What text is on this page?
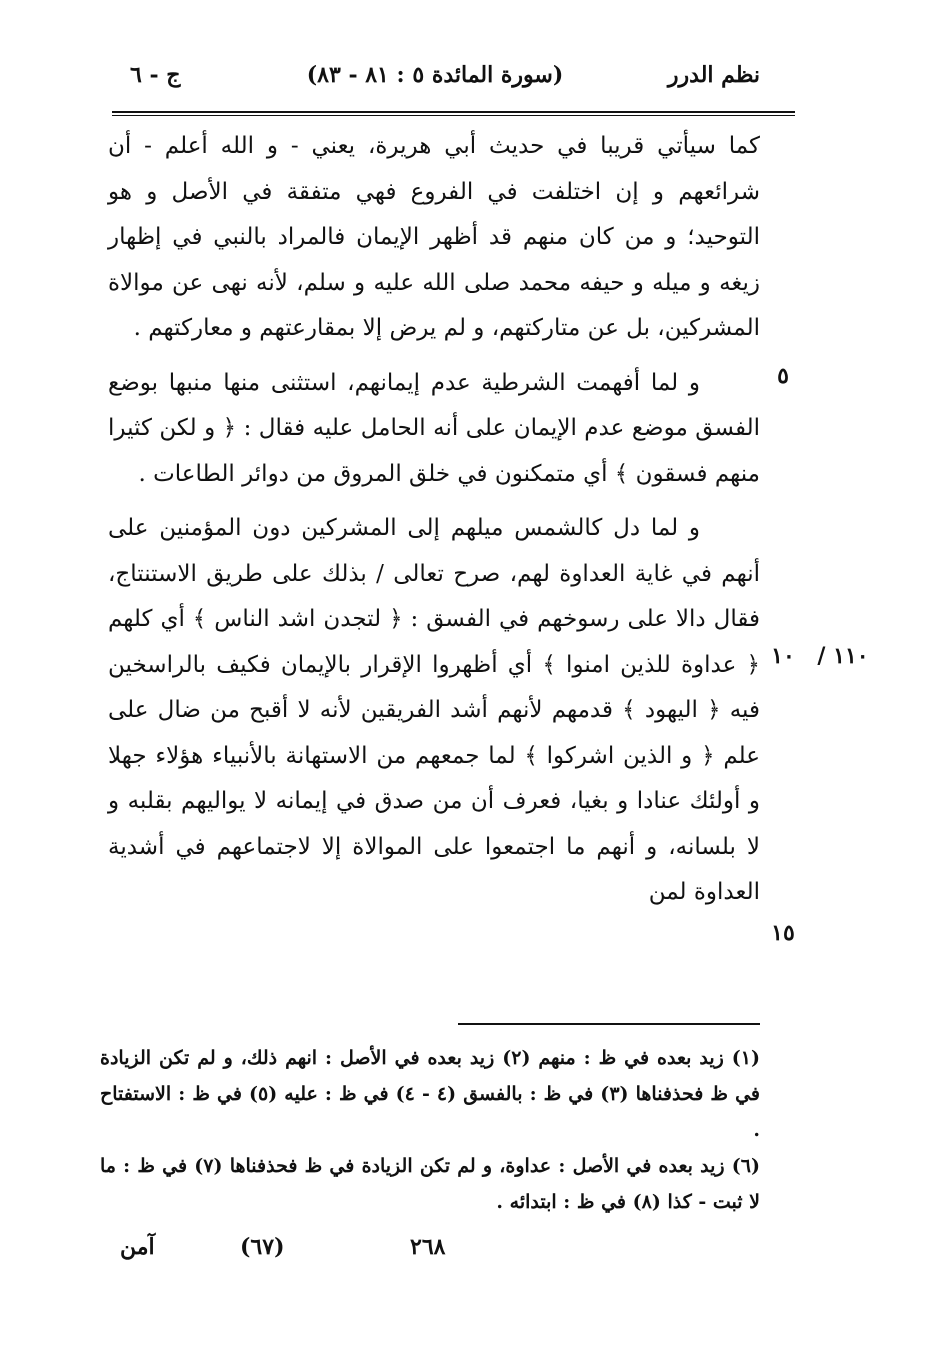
نظم الدرر
(سورة المائدة ٥ : ٨١ - ٨٣)
ج - ٦

كما سيأتي قريبا في حديث أبي هريرة، يعني - و الله أعلم - أن شرائعهم و إن اختلفت في الفروع فهي متفقة في الأصل و هو التوحيد؛ و من كان منهم قد أظهر الإيمان فالمراد بالنبي في إظهار زيغه و ميله و حيفه محمد صلى الله عليه و سلم، لأنه نهى عن موالاة المشركين، بل عن متاركتهم، و لم يرض إلا بمقارعتهم و معاركتهم .

و لما أفهمت الشرطية عدم إيمانهم، استثنى منها منبها بوضع الفسق موضع عدم الإيمان على أنه الحامل عليه فقال : ﴿ و لكن كثيرا منهم فسقون ﴾ أي متمكنون في خلق المروق من دوائر الطاعات .

و لما دل كالشمس ميلهم إلى المشركين دون المؤمنين على أنهم في غاية العداوة لهم، صرح تعالى / بذلك على طريق الاستنتاج، فقال دالا على رسوخهم في الفسق : ﴿ لتجدن اشد الناس ﴾ أي كلهم ﴿ عداوة للذين امنوا ﴾ أي أظهروا الإقرار بالإيمان فكيف بالراسخين فيه ﴿ اليهود ﴾ قدمهم لأنهم أشد الفريقين لأنه لا أقبح من ضال على علم ﴿ و الذين اشركوا ﴾ لما جمعهم من الاستهانة بالأنبياء هؤلاء جهلا و أولئك عنادا و بغيا، فعرف أن من صدق في إيمانه لا يواليهم بقلبه و لا بلسانه، و أنهم ما اجتمعوا على الموالاة إلا لاجتماعهم في أشدية العداوة لمن

٥
١٠	١١٠ /
١٥

(١) زيد بعده في ظ : منهم (٢) زيد بعده في الأصل : انهم ذلك، و لم تكن الزيادة في ظ فحذفناها (٣) في ظ : بالفسق (٤ - ٤) في ظ : عليه (٥) في ظ : الاستفتاح .

(٦) زيد بعده في الأصل : عداوة، و لم تكن الزيادة في ظ فحذفناها (٧) في ظ : ما لا ثبت - كذا (٨) في ظ : ابتدائه .

٢٦٨
(٦٧)
آمن
